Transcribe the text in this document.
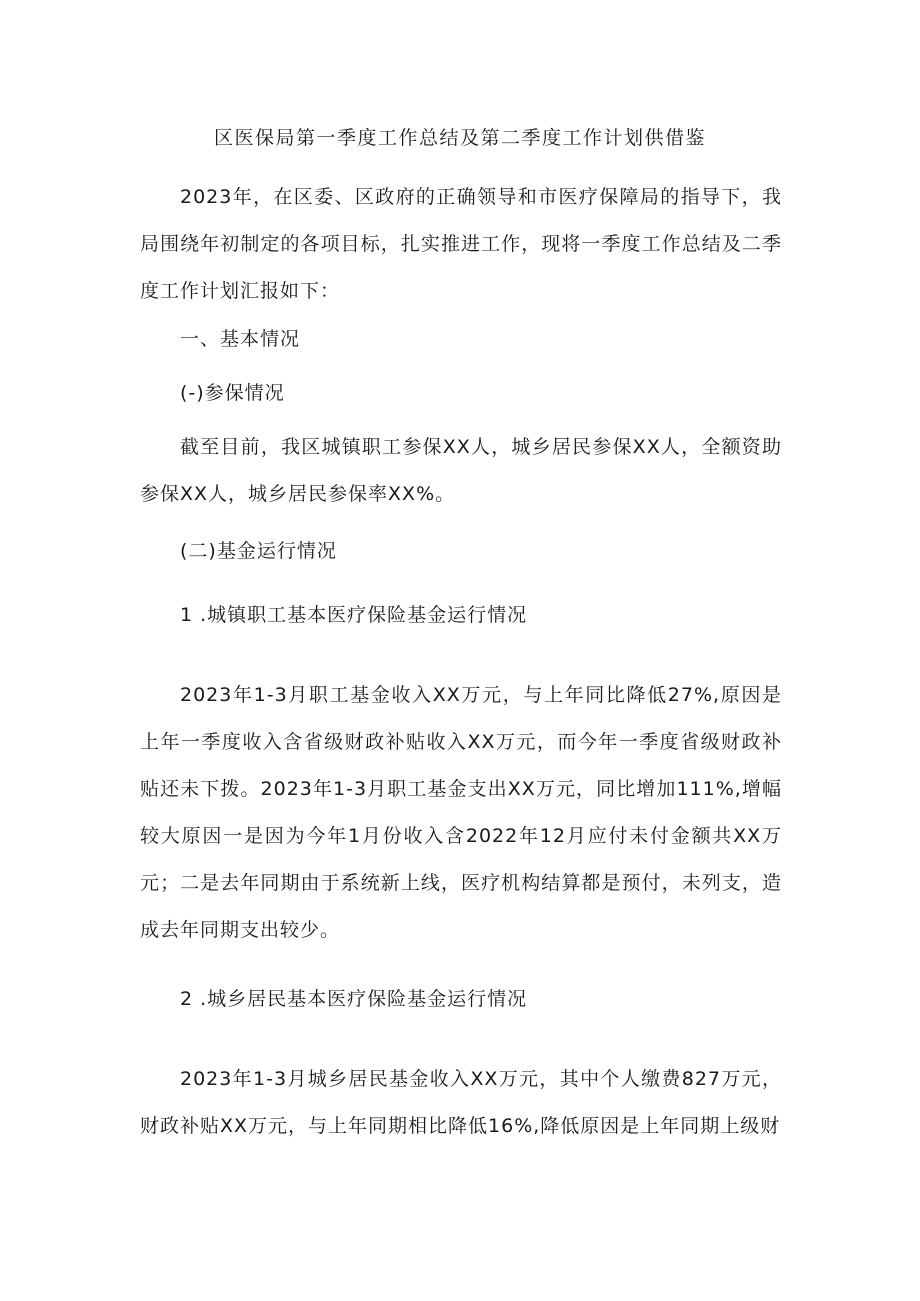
区医保局第一季度工作总结及第二季度工作计划供借鉴

2023年，在区委、区政府的正确领导和市医疗保障局的指导下，我局围绕年初制定的各项目标，扎实推进工作，现将一季度工作总结及二季度工作计划汇报如下：

一、基本情况

(-)参保情况

截至目前，我区城镇职工参保XX人，城乡居民参保XX人，全额资助参保XX人，城乡居民参保率XX%。

(二)基金运行情况

1 .城镇职工基本医疗保险基金运行情况

2023年1-3月职工基金收入XX万元，与上年同比降低27%,原因是上年一季度收入含省级财政补贴收入XX万元，而今年一季度省级财政补贴还未下拨。2023年1-3月职工基金支出XX万元，同比增加111%,增幅较大原因一是因为今年1月份收入含2022年12月应付未付金额共XX万元；二是去年同期由于系统新上线，医疗机构结算都是预付，未列支，造成去年同期支出较少。

2 .城乡居民基本医疗保险基金运行情况

2023年1-3月城乡居民基金收入XX万元，其中个人缴费827万元，财政补贴XX万元，与上年同期相比降低16%,降低原因是上年同期上级财
